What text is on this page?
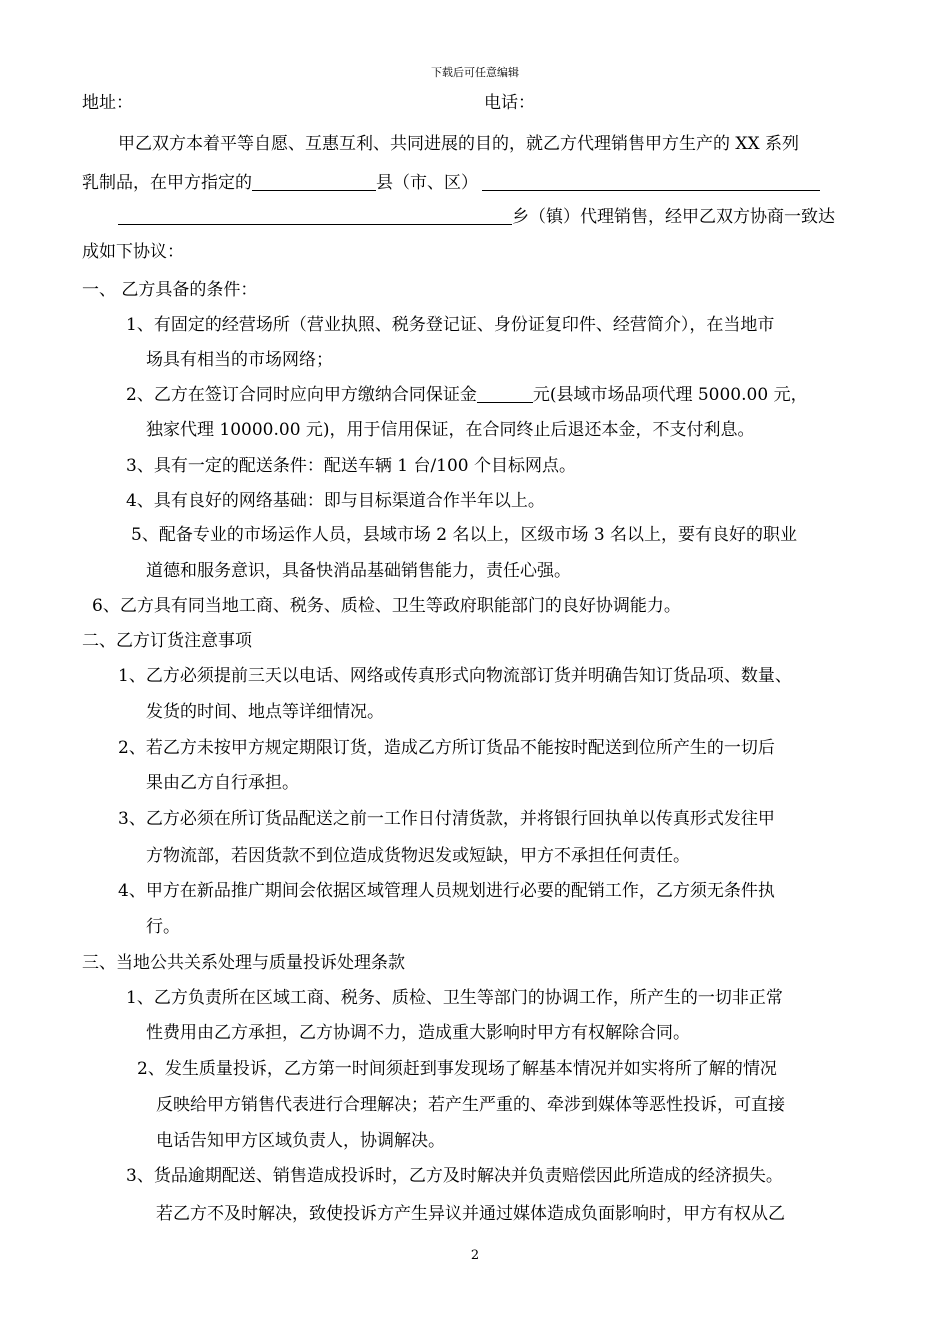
下载后可任意编辑
地址：	电话：
甲乙双方本着平等自愿、互惠互利、共同进展的目的，就乙方代理销售甲方生产的 XX 系列
乳制品，在甲方指定的	县（市、区）
乡（镇）代理销售，经甲乙双方协商一致达
成如下协议：
一、 乙方具备的条件：
1、有固定的经营场所（营业执照、税务登记证、身份证复印件、经营简介），在当地市
场具有相当的市场网络；
2、乙方在签订合同时应向甲方缴纳合同保证金	元(县域市场品项代理 5000.00 元，
独家代理 10000.00 元)，用于信用保证，在合同终止后退还本金，不支付利息。
3、具有一定的配送条件：配送车辆 1 台/100 个目标网点。
4、具有良好的网络基础：即与目标渠道合作半年以上。
5、配备专业的市场运作人员，县域市场 2 名以上，区级市场 3 名以上，要有良好的职业
道德和服务意识，具备快消品基础销售能力，责任心强。
6、乙方具有同当地工商、税务、质检、卫生等政府职能部门的良好协调能力。
二、乙方订货注意事项
1、乙方必须提前三天以电话、网络或传真形式向物流部订货并明确告知订货品项、数量、
发货的时间、地点等详细情况。
2、若乙方未按甲方规定期限订货，造成乙方所订货品不能按时配送到位所产生的一切后
果由乙方自行承担。
3、乙方必须在所订货品配送之前一工作日付清货款，并将银行回执单以传真形式发往甲
方物流部，若因货款不到位造成货物迟发或短缺，甲方不承担任何责任。
4、甲方在新品推广期间会依据区域管理人员规划进行必要的配销工作，乙方须无条件执
行。
三、当地公共关系处理与质量投诉处理条款
1、乙方负责所在区域工商、税务、质检、卫生等部门的协调工作，所产生的一切非正常
性费用由乙方承担，乙方协调不力，造成重大影响时甲方有权解除合同。
2、发生质量投诉，乙方第一时间须赶到事发现场了解基本情况并如实将所了解的情况
反映给甲方销售代表进行合理解决；若产生严重的、牵涉到媒体等恶性投诉，可直接
电话告知甲方区域负责人，协调解决。
3、货品逾期配送、销售造成投诉时，乙方及时解决并负责赔偿因此所造成的经济损失。
若乙方不及时解决，致使投诉方产生异议并通过媒体造成负面影响时，甲方有权从乙
2
